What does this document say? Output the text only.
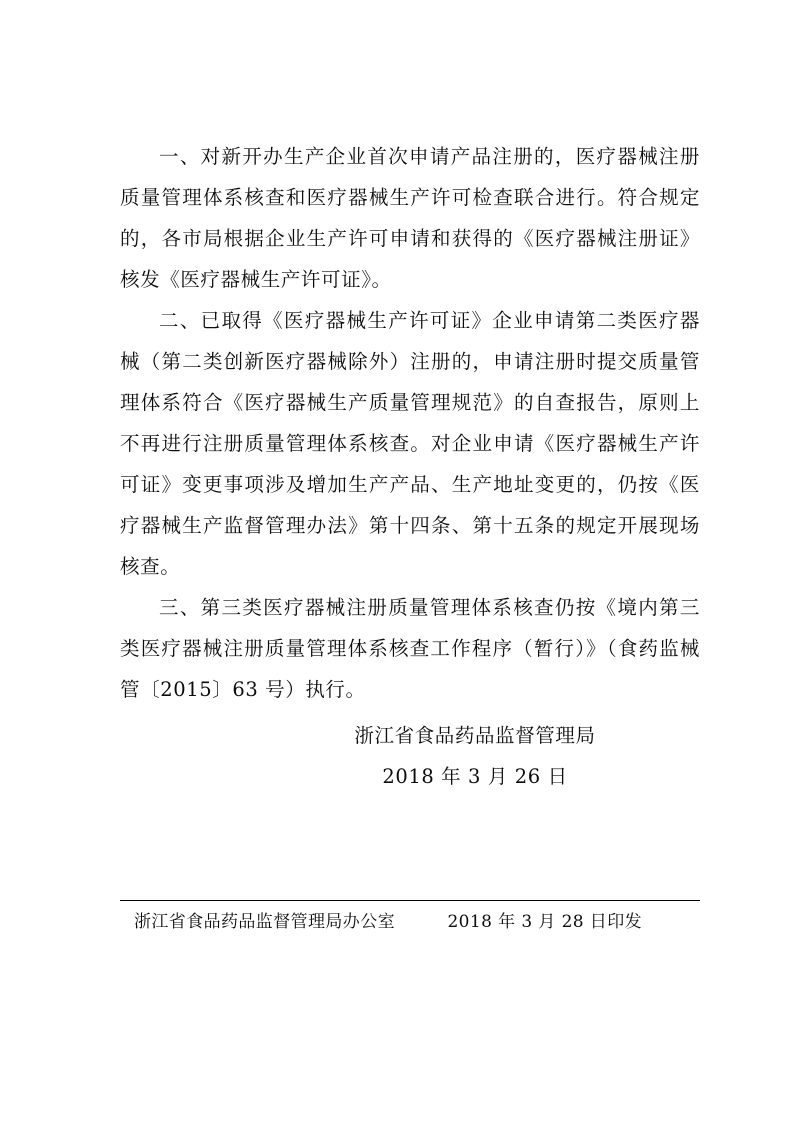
一、对新开办生产企业首次申请产品注册的，医疗器械注册质量管理体系核查和医疗器械生产许可检查联合进行。符合规定的，各市局根据企业生产许可申请和获得的《医疗器械注册证》核发《医疗器械生产许可证》。

二、已取得《医疗器械生产许可证》企业申请第二类医疗器械（第二类创新医疗器械除外）注册的，申请注册时提交质量管理体系符合《医疗器械生产质量管理规范》的自查报告，原则上不再进行注册质量管理体系核查。对企业申请《医疗器械生产许可证》变更事项涉及增加生产产品、生产地址变更的，仍按《医疗器械生产监督管理办法》第十四条、第十五条的规定开展现场核查。

三、第三类医疗器械注册质量管理体系核查仍按《境内第三类医疗器械注册质量管理体系核查工作程序（暂行）》（食药监械管〔2015〕63 号）执行。

浙江省食品药品监督管理局
2018 年 3 月 26 日
浙江省食品药品监督管理局办公室	2018 年 3 月 28 日印发
